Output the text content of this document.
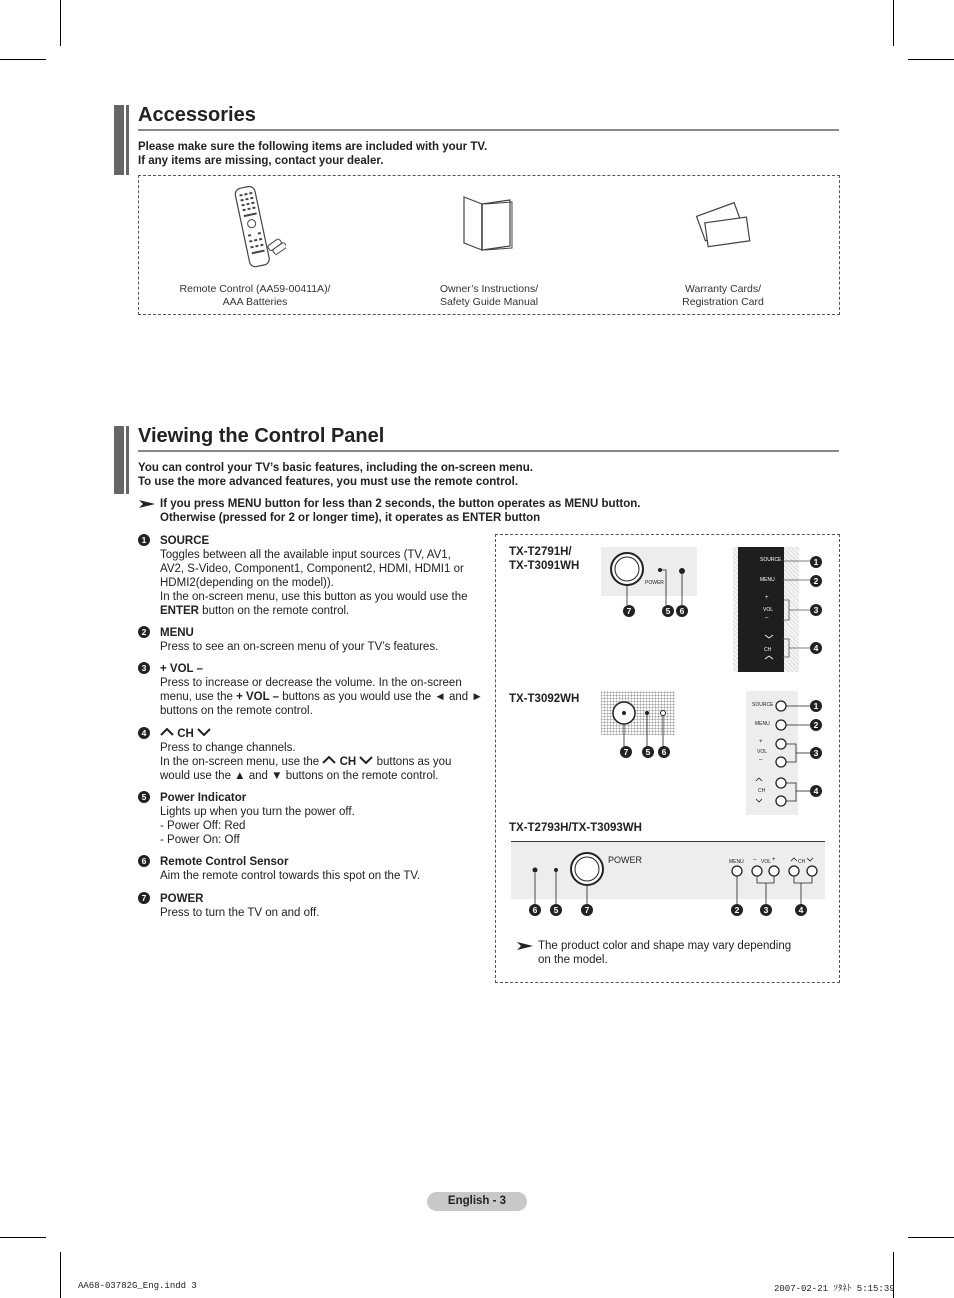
Accessories
Please make sure the following items are included with your TV.
If any items are missing, contact your dealer.
Remote Control (AA59-00411A)/
AAA Batteries
Owner’s Instructions/
Safety Guide Manual
Warranty Cards/
Registration Card
Viewing the Control Panel
You can control your TV’s basic features, including the on-screen menu.
To use the more advanced features, you must use the remote control.
If you press MENU button for less than 2 seconds, the button operates as MENU button.
Otherwise (pressed for 2 or longer time), it operates as ENTER button
1	SOURCE
Toggles between all the available input sources (TV, AV1,
AV2, S-Video, Component1, Component2, HDMI, HDMI1 or
HDMI2(depending on the model)).
In the on-screen menu, use this button as you would use the
ENTER button on the remote control.
2	MENU
Press to see an on-screen menu of your TV’s features.
3	+ VOL –
Press to increase or decrease the volume. In the on-screen
menu, use the + VOL – buttons as you would use the ◄ and ►
buttons on the remote control.
4	CH
Press to change channels.
In the on-screen menu, use the  CH  buttons as you
would use the ▲ and ▼ buttons on the remote control.
5	Power Indicator
Lights up when you turn the power off.
- Power Off: Red
- Power On: Off
6	Remote Control Sensor
Aim the remote control towards this spot on the TV.
7	POWER
Press to turn the TV on and off.
TX-T2791H/
TX-T3091WH
POWER
7	5	6
SOURCE
MENU
+
VOL
–
CH
1
2
3
4
TX-T3092WH
7	5	6
SOURCE
MENU
+
VOL
–
CH
1
2
3
4
TX-T2793H/TX-T3093WH
POWER	MENU – VOL +	CH
6	5	7	2	3	4
The product color and shape may vary depending
on the model.
English - 3
AA68-03782G_Eng.indd 3	2007-02-21 ｿﾀﾈﾄ 5:15:39
